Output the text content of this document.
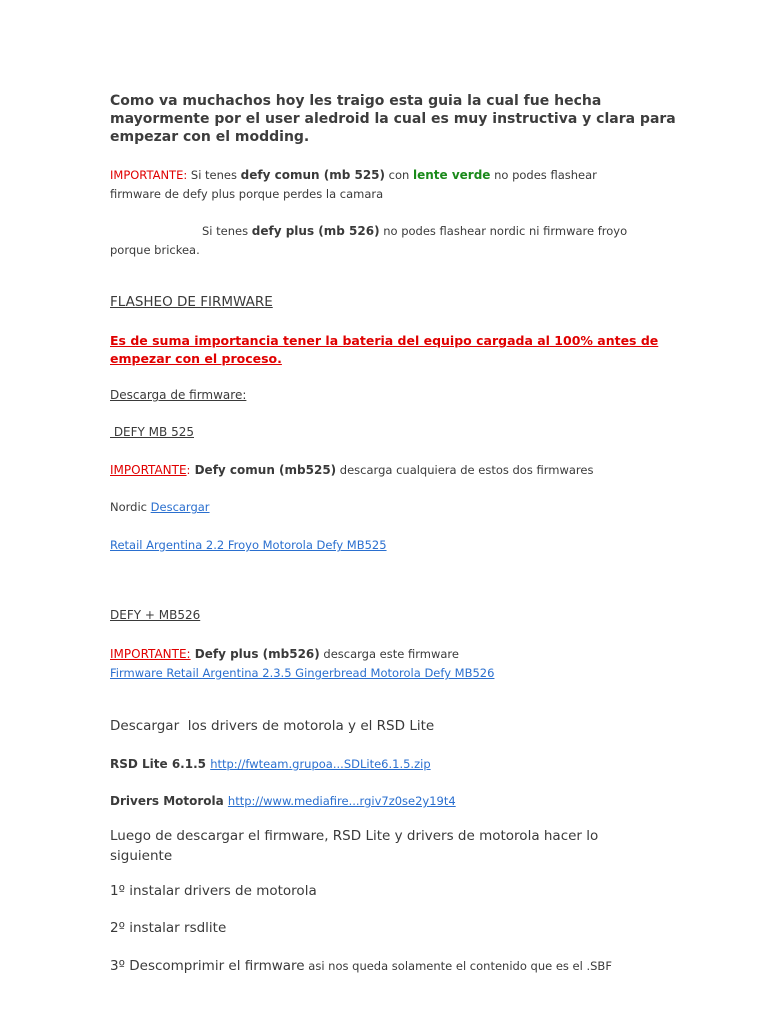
Como va muchachos hoy les traigo esta guia la cual fue hecha
mayormente por el user aledroid la cual es muy instructiva y clara para
empezar con el modding.
IMPORTANTE: Si tenes defy comun (mb 525) con lente verde no podes flashear
firmware de defy plus porque perdes la camara
Si tenes defy plus (mb 526) no podes flashear nordic ni firmware froyo
porque brickea.
FLASHEO DE FIRMWARE
Es de suma importancia tener la bateria del equipo cargada al 100% antes de
empezar con el proceso.
Descarga de firmware:
DEFY MB 525
IMPORTANTE: Defy comun (mb525) descarga cualquiera de estos dos firmwares
Nordic Descargar
Retail Argentina 2.2 Froyo Motorola Defy MB525
DEFY + MB526
IMPORTANTE: Defy plus (mb526) descarga este firmware
Firmware Retail Argentina 2.3.5 Gingerbread Motorola Defy MB526
Descargar  los drivers de motorola y el RSD Lite
RSD Lite 6.1.5 http://fwteam.grupoa...SDLite6.1.5.zip
Drivers Motorola http://www.mediafire...rgiv7z0se2y19t4
Luego de descargar el firmware, RSD Lite y drivers de motorola hacer lo
siguiente
1º instalar drivers de motorola
2º instalar rsdlite
3º Descomprimir el firmware asi nos queda solamente el contenido que es el .SBF
